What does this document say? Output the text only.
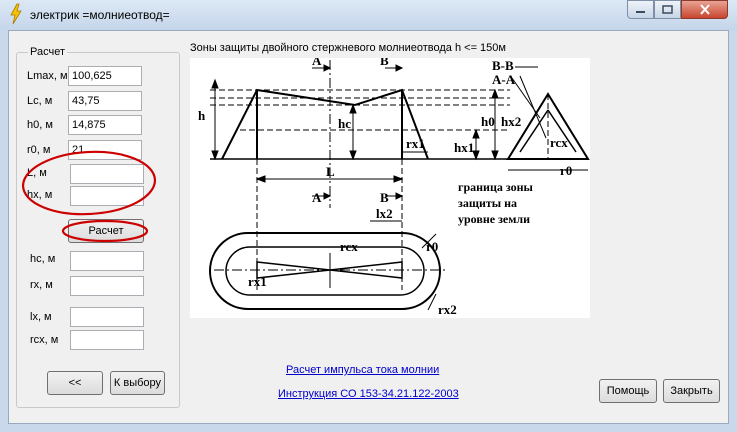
электрик =молниеотвод=
Расчет
Lmax, м 100,625
Lc, м	43,75
h0, м	14,875
r0, м	21
L, м
hx, м
Расчет
hc, м
rx, м
lx, м
rcx, м
<<	К выбору
Зоны защиты двойного стержневого молниеотвода h <= 150м
h
A	B
hc	h0 hx2
hx1
rx1
B-B
A-A
rcx
r0
L
A	B
lx2
граница зоны
защиты на
уровне земли
rcx	r0
rx1
rx2
Расчет импульса тока молнии
Инструкция СО 153-34.21.122-2003	Помощь	Закрыть
